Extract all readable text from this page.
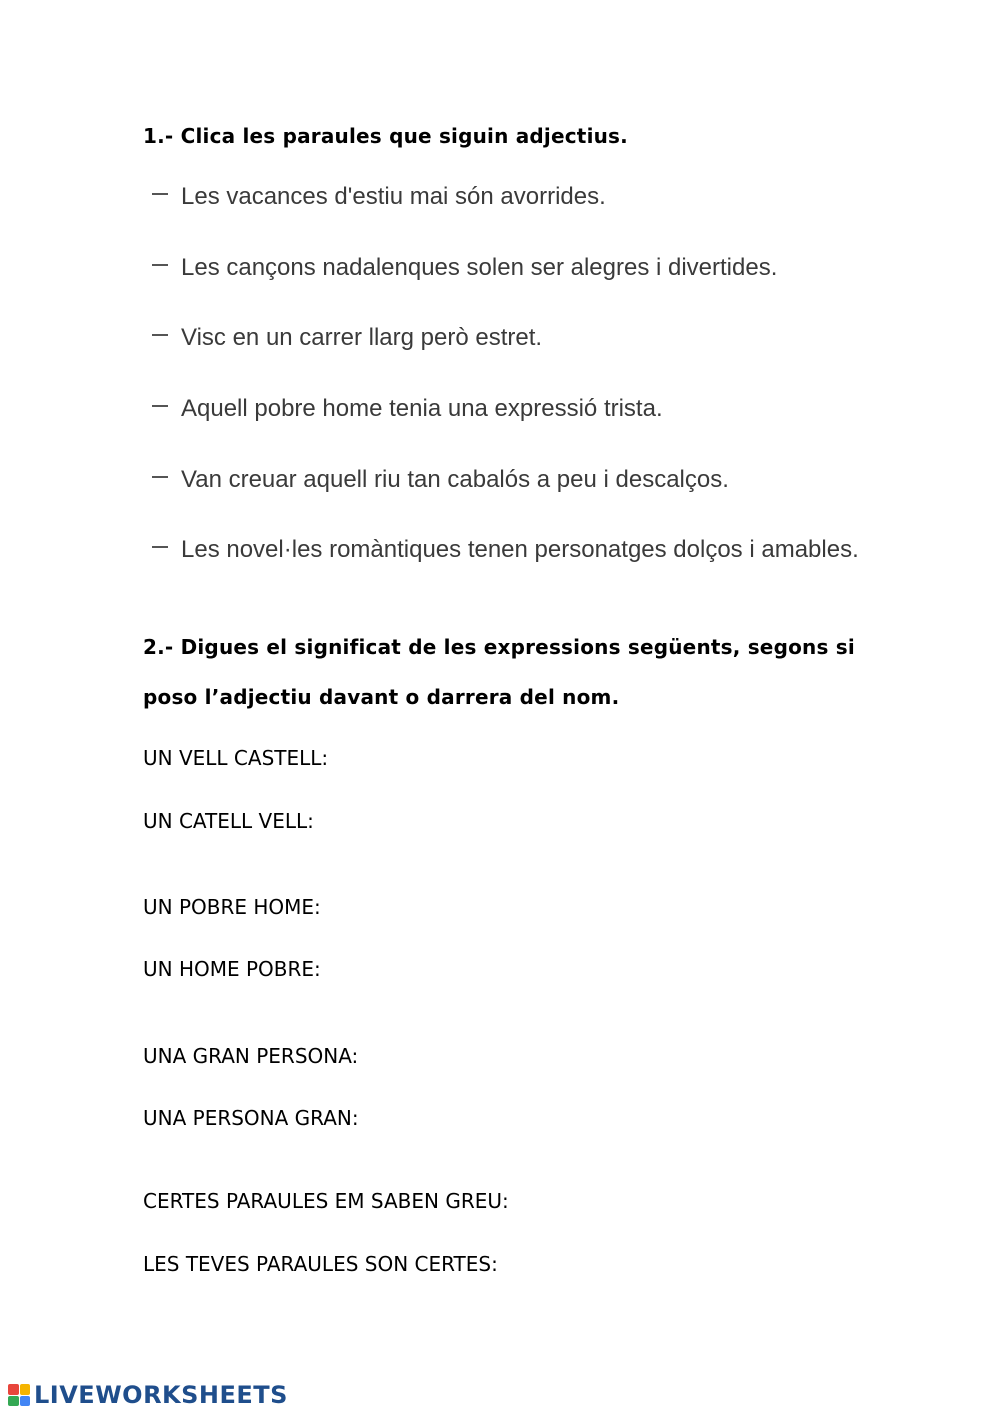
1.- Clica les paraules que siguin adjectius.

Les vacances d'estiu mai són avorrides.
Les cançons nadalenques solen ser alegres i divertides.
Visc en un carrer llarg però estret.
Aquell pobre home tenia una expressió trista.
Van creuar aquell riu tan cabalós a peu i descalços.
Les novel·les romàntiques tenen personatges dolços i amables.

2.- Digues el significat de les expressions següents, segons si

poso l’adjectiu davant o darrera del nom.

UN VELL CASTELL:
UN CATELL VELL:
UN POBRE HOME:
UN HOME POBRE:
UNA GRAN PERSONA:
UNA PERSONA GRAN:
CERTES PARAULES EM SABEN GREU:
LES TEVES PARAULES SON CERTES:
LIVEWORKSHEETS
